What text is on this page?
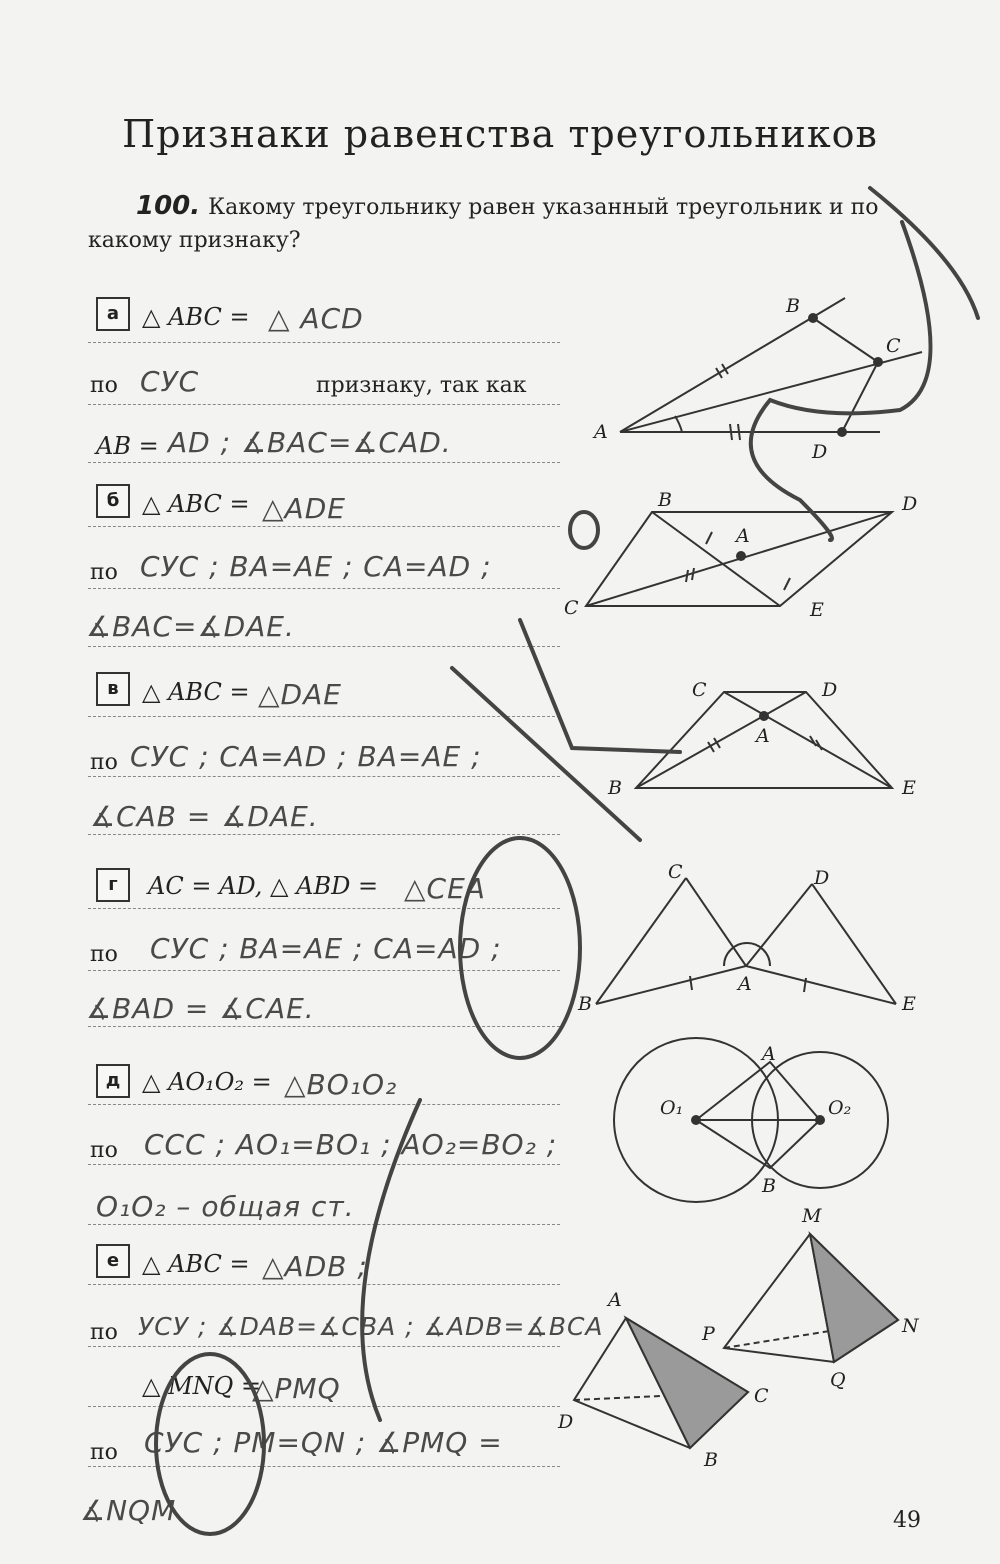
Признаки равенства треугольников
100. Какому треугольнику равен указанный треугольник и по какому признаку?
а △ ABC = △ ACD
по СУС	признаку, так как
AB = AD ; ∡BAC=∡CAD.
б △ ABC = △ADE
по СУС ; BA=AE ; CA=AD ;
∡BAC=∡DAE.
в △ ABC = △DAE
по СУС ; CA=AD ; BA=AE ;
∡CAB = ∡DAE.
г	AC = AD, △ ABD = △CEA
по СУС ; BA=AE ; CA=AD ;
∡BAD = ∡CAE.
д △ AO₁O₂ = △BO₁O₂
по ССС ; AO₁=BO₁ ; AO₂=BO₂ ;
O₁O₂ – общая ст.
е △ ABC = △ADB ;
по УСУ ; ∡DAB=∡CBA ; ∡ADB=∡BCA
△ MNQ =
△PMQ
по СУС ; PM=QN ; ∡PMQ =
∡NQM
A
B
C
D
B	D
A
C	E
C	D
A
B	E
C	D
A
B	E
A
O₁	O₂
B
M
P	N
Q
A
C
D
B
49
